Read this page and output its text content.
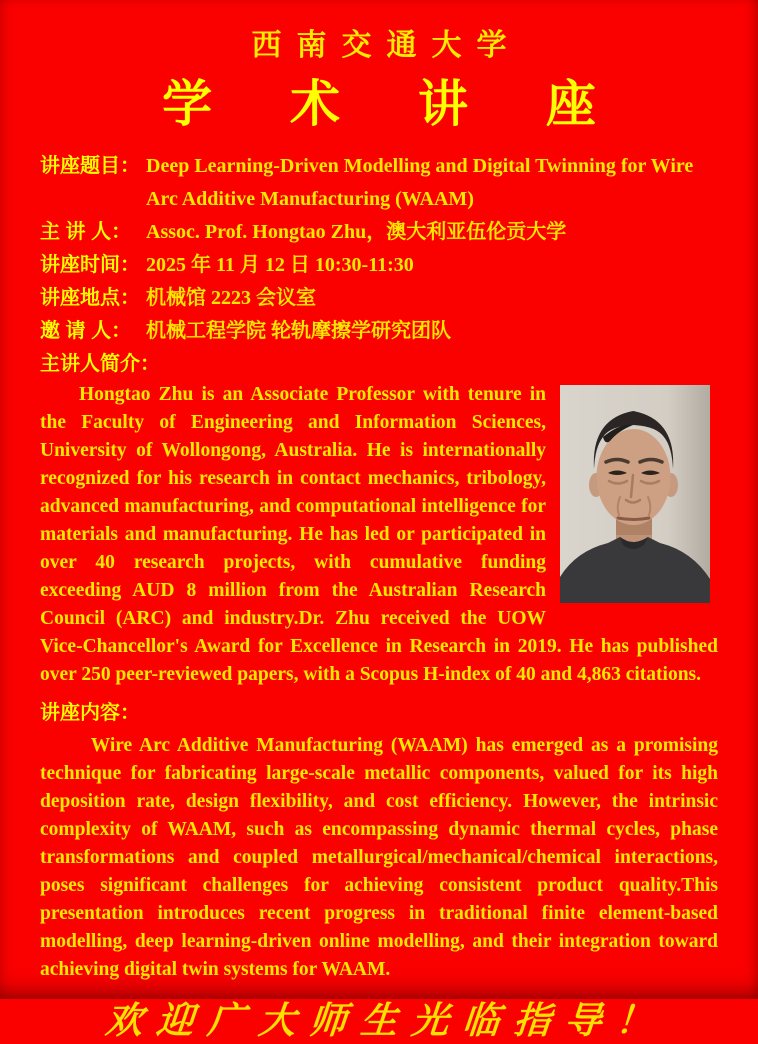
西南交通大学
学 术 讲 座
讲座题目： Deep Learning-Driven Modelling and Digital Twinning for Wire Arc Additive Manufacturing (WAAM)
主 讲 人： Assoc. Prof. Hongtao Zhu，澳大利亚伍伦贡大学
讲座时间： 2025 年 11 月 12 日 10:30-11:30
讲座地点： 机械馆 2223 会议室
邀 请 人： 机械工程学院 轮轨摩擦学研究团队
主讲人简介：
Hongtao Zhu is an Associate Professor with tenure in the Faculty of Engineering and Information Sciences, University of Wollongong, Australia. He is internationally recognized for his research in contact mechanics, tribology, advanced manufacturing, and computational intelligence for materials and manufacturing. He has led or participated in over 40 research projects, with cumulative funding exceeding AUD 8 million from the Australian Research Council (ARC) and industry.Dr. Zhu received the UOW Vice-Chancellor's Award for Excellence in Research in 2019. He has published over 250 peer-reviewed papers, with a Scopus H-index of 40 and 4,863 citations.
讲座内容：
Wire Arc Additive Manufacturing (WAAM) has emerged as a promising technique for fabricating large-scale metallic components, valued for its high deposition rate, design flexibility, and cost efficiency. However, the intrinsic complexity of WAAM, such as encompassing dynamic thermal cycles, phase transformations and coupled metallurgical/mechanical/chemical interactions, poses significant challenges for achieving consistent product quality.This presentation introduces recent progress in traditional finite element-based modelling, deep learning-driven online modelling, and their integration toward achieving digital twin systems for WAAM.
欢迎广大师生光临指导！
